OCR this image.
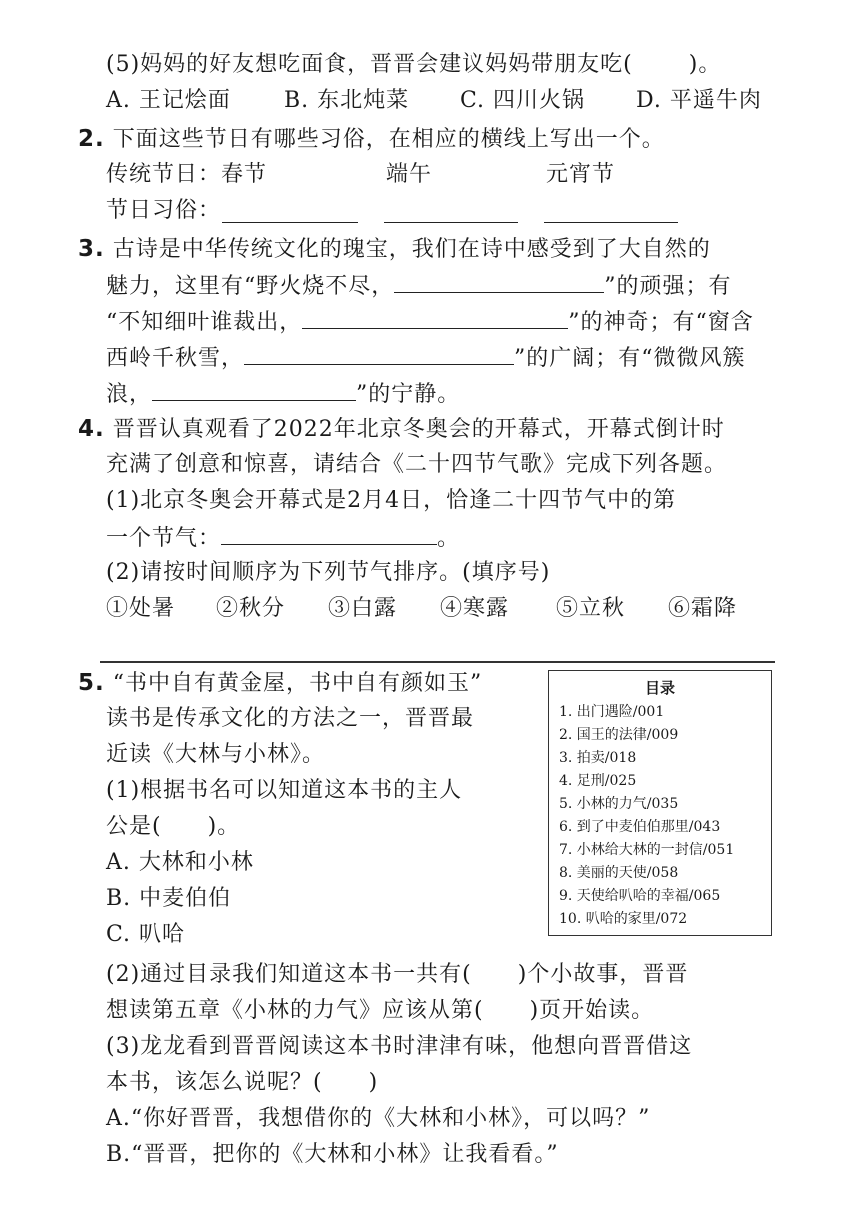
(5)妈妈的好友想吃面食，晋晋会建议妈妈带朋友吃(	)。
A. 王记烩面 B. 东北炖菜 C. 四川火锅 D. 平遥牛肉
2. 下面这些节日有哪些习俗，在相应的横线上写出一个。
传统节日：春节	端午	元宵节
节日习俗：
3. 古诗是中华传统文化的瑰宝，我们在诗中感受到了大自然的
魅力，这里有“野火烧不尽，	”的顽强；有
“不知细叶谁裁出，	”的神奇；有“窗含
西岭千秋雪，	”的广阔；有“微微风簇
浪，	”的宁静。
4. 晋晋认真观看了2022年北京冬奥会的开幕式，开幕式倒计时
充满了创意和惊喜，请结合《二十四节气歌》完成下列各题。
(1)北京冬奥会开幕式是2月4日，恰逢二十四节气中的第
一个节气：	。
(2)请按时间顺序为下列节气排序。(填序号)
①处暑 ②秋分 ③白露 ④寒露 ⑤立秋 ⑥霜降
5. “书中自有黄金屋，书中自有颜如玉”
读书是传承文化的方法之一，晋晋最
近读《大林与小林》。
(1)根据书名可以知道这本书的主人
公是(　　)。
A. 大林和小林
B. 中麦伯伯
C. 叭哈
目录
1. 出门遇险/001
2. 国王的法律/009
3. 拍卖/018
4. 足刑/025
5. 小林的力气/035
6. 到了中麦伯伯那里/043
7. 小林给大林的一封信/051
8. 美丽的天使/058
9. 天使给叭哈的幸福/065
10. 叭哈的家里/072
(2)通过目录我们知道这本书一共有(　　)个小故事，晋晋
想读第五章《小林的力气》应该从第(　　)页开始读。
(3)龙龙看到晋晋阅读这本书时津津有味，他想向晋晋借这
本书，该怎么说呢？(　　)
A.“你好晋晋，我想借你的《大林和小林》，可以吗？”
B.“晋晋，把你的《大林和小林》让我看看。”
